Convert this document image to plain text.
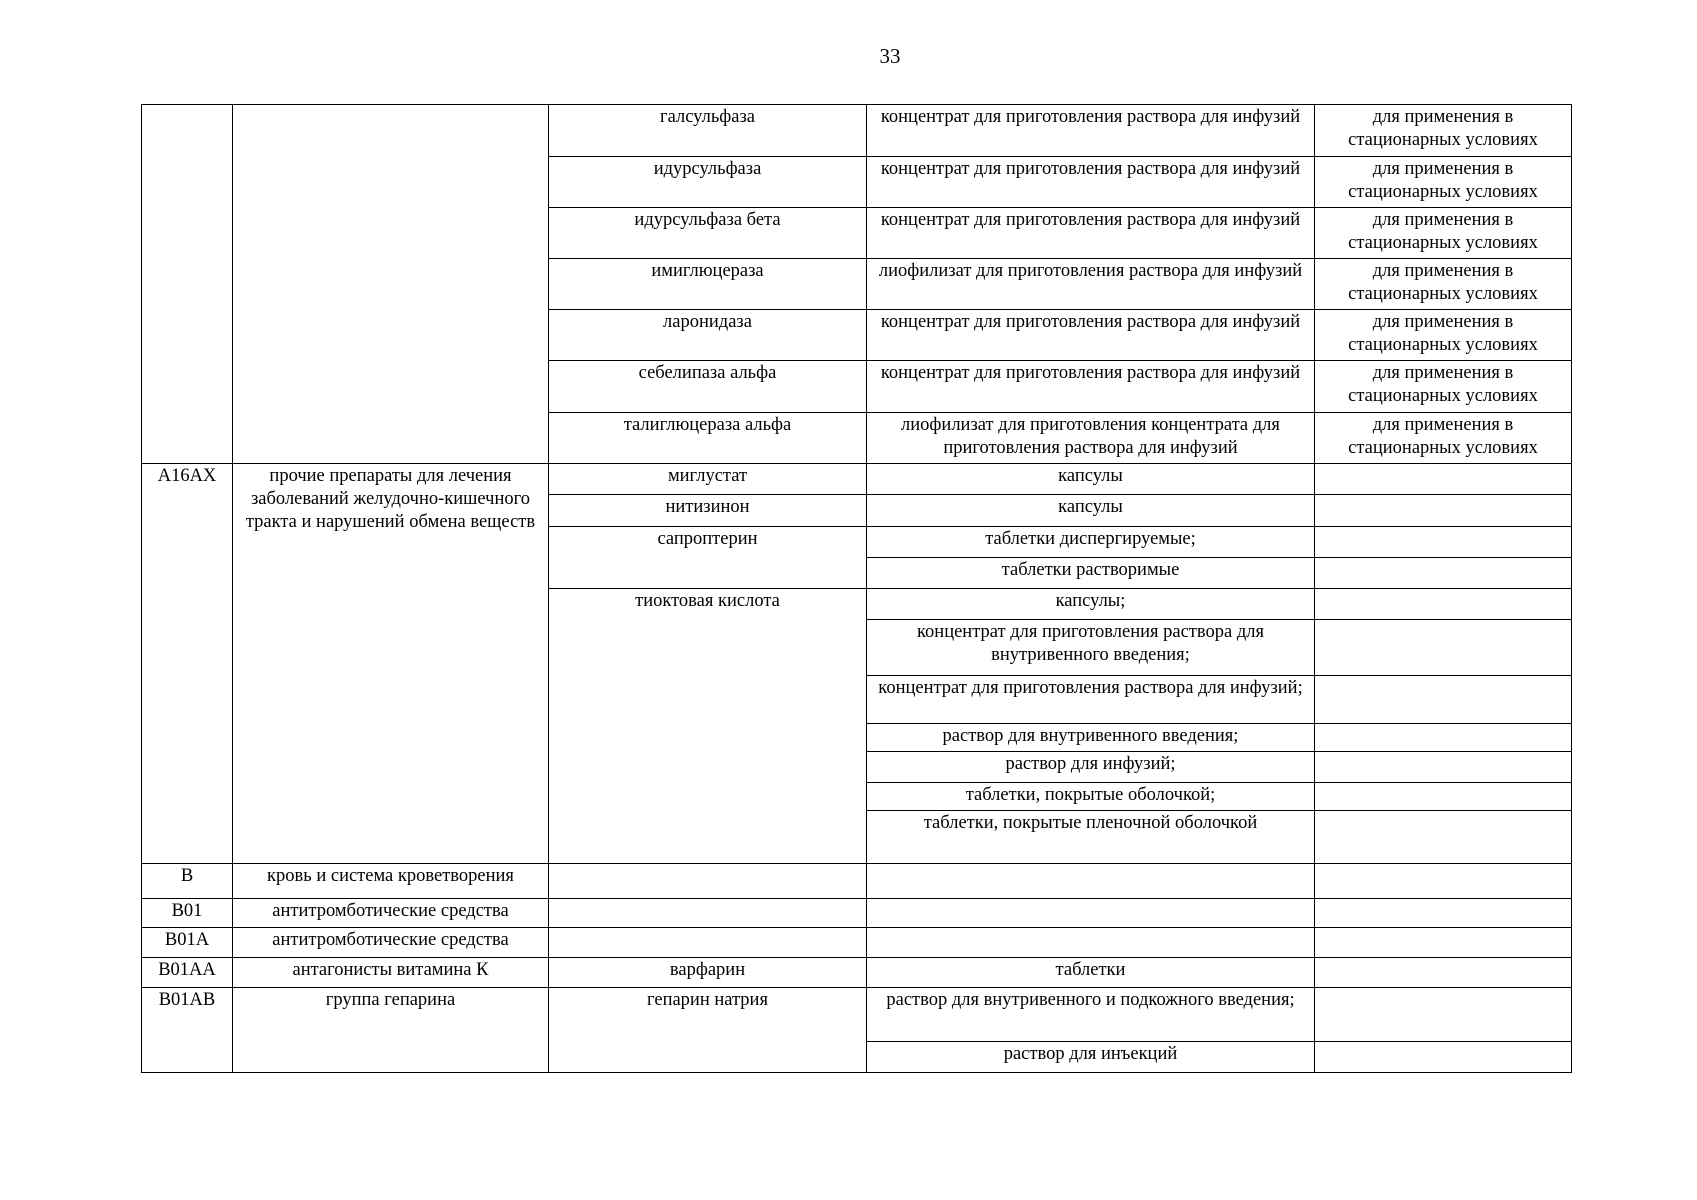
33
		галсульфаза	концентрат для приготовления раствора для инфузий	для применения в стационарных условиях
		идурсульфаза	концентрат для приготовления раствора для инфузий	для применения в стационарных условиях
		идурсульфаза бета	концентрат для приготовления раствора для инфузий	для применения в стационарных условиях
		имиглюцераза	лиофилизат для приготовления раствора для инфузий	для применения в стационарных условиях
		ларонидаза	концентрат для приготовления раствора для инфузий	для применения в стационарных условиях
		себелипаза альфа	концентрат для приготовления раствора для инфузий	для применения в стационарных условиях
		талиглюцераза альфа	лиофилизат для приготовления концентрата для приготовления раствора для инфузий	для применения в стационарных условиях
A16AX	прочие препараты для лечения заболеваний желудочно-кишечного тракта и нарушений обмена веществ	миглустат	капсулы	
		нитизинон	капсулы	
		сапроптерин	таблетки диспергируемые;	
			таблетки растворимые	
		тиоктовая кислота	капсулы;	
			концентрат для приготовления раствора для внутривенного введения;	
			концентрат для приготовления раствора для инфузий;	
			раствор для внутривенного введения;	
			раствор для инфузий;	
			таблетки, покрытые оболочкой;	
			таблетки, покрытые пленочной оболочкой	
B	кровь и система кроветворения			
B01	антитромботические средства			
B01A	антитромботические средства			
B01AA	антагонисты витамина К	варфарин	таблетки	
B01AB	группа гепарина	гепарин натрия	раствор для внутривенного и подкожного введения;	
			раствор для инъекций	
